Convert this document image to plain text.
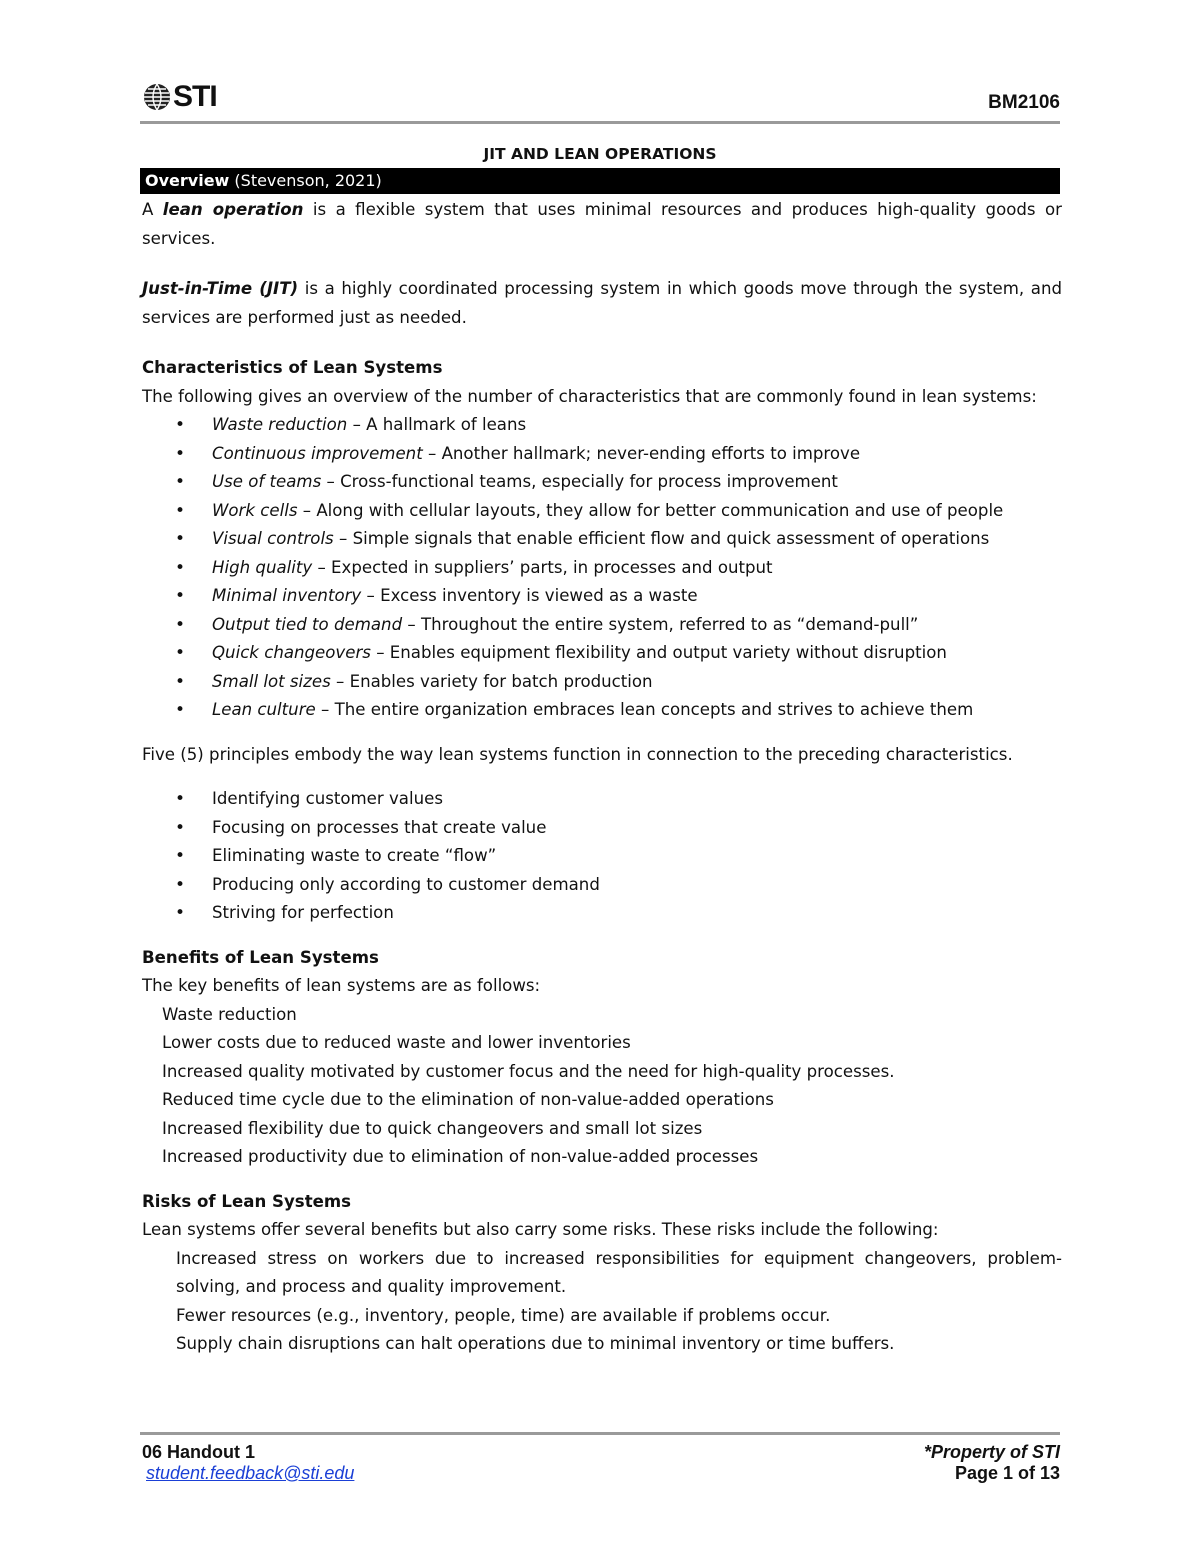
STI	BM2106
JIT AND LEAN OPERATIONS
Overview (Stevenson, 2021)

A lean operation is a flexible system that uses minimal resources and produces high-quality goods or services.

Just-in-Time (JIT) is a highly coordinated processing system in which goods move through the system, and services are performed just as needed.

Characteristics of Lean Systems

The following gives an overview of the number of characteristics that are commonly found in lean systems:

• Waste reduction – A hallmark of leans
• Continuous improvement – Another hallmark; never-ending efforts to improve
• Use of teams – Cross-functional teams, especially for process improvement
• Work cells – Along with cellular layouts, they allow for better communication and use of people
• Visual controls – Simple signals that enable efficient flow and quick assessment of operations
• High quality – Expected in suppliers’ parts, in processes and output
• Minimal inventory – Excess inventory is viewed as a waste
• Output tied to demand – Throughout the entire system, referred to as “demand-pull”
• Quick changeovers – Enables equipment flexibility and output variety without disruption
• Small lot sizes – Enables variety for batch production
• Lean culture – The entire organization embraces lean concepts and strives to achieve them

Five (5) principles embody the way lean systems function in connection to the preceding characteristics.

• Identifying customer values
• Focusing on processes that create value
• Eliminating waste to create “flow”
• Producing only according to customer demand
• Striving for perfection

Benefits of Lean Systems

The key benefits of lean systems are as follows:

Waste reduction
Lower costs due to reduced waste and lower inventories
Increased quality motivated by customer focus and the need for high-quality processes.
Reduced time cycle due to the elimination of non-value-added operations
Increased flexibility due to quick changeovers and small lot sizes
Increased productivity due to elimination of non-value-added processes

Risks of Lean Systems

Lean systems offer several benefits but also carry some risks. These risks include the following:

Increased stress on workers due to increased responsibilities for equipment changeovers, problem-solving, and process and quality improvement.
Fewer resources (e.g., inventory, people, time) are available if problems occur.
Supply chain disruptions can halt operations due to minimal inventory or time buffers.
06 Handout 1
student.feedback@sti.edu
*Property of STI
Page 1 of 13
